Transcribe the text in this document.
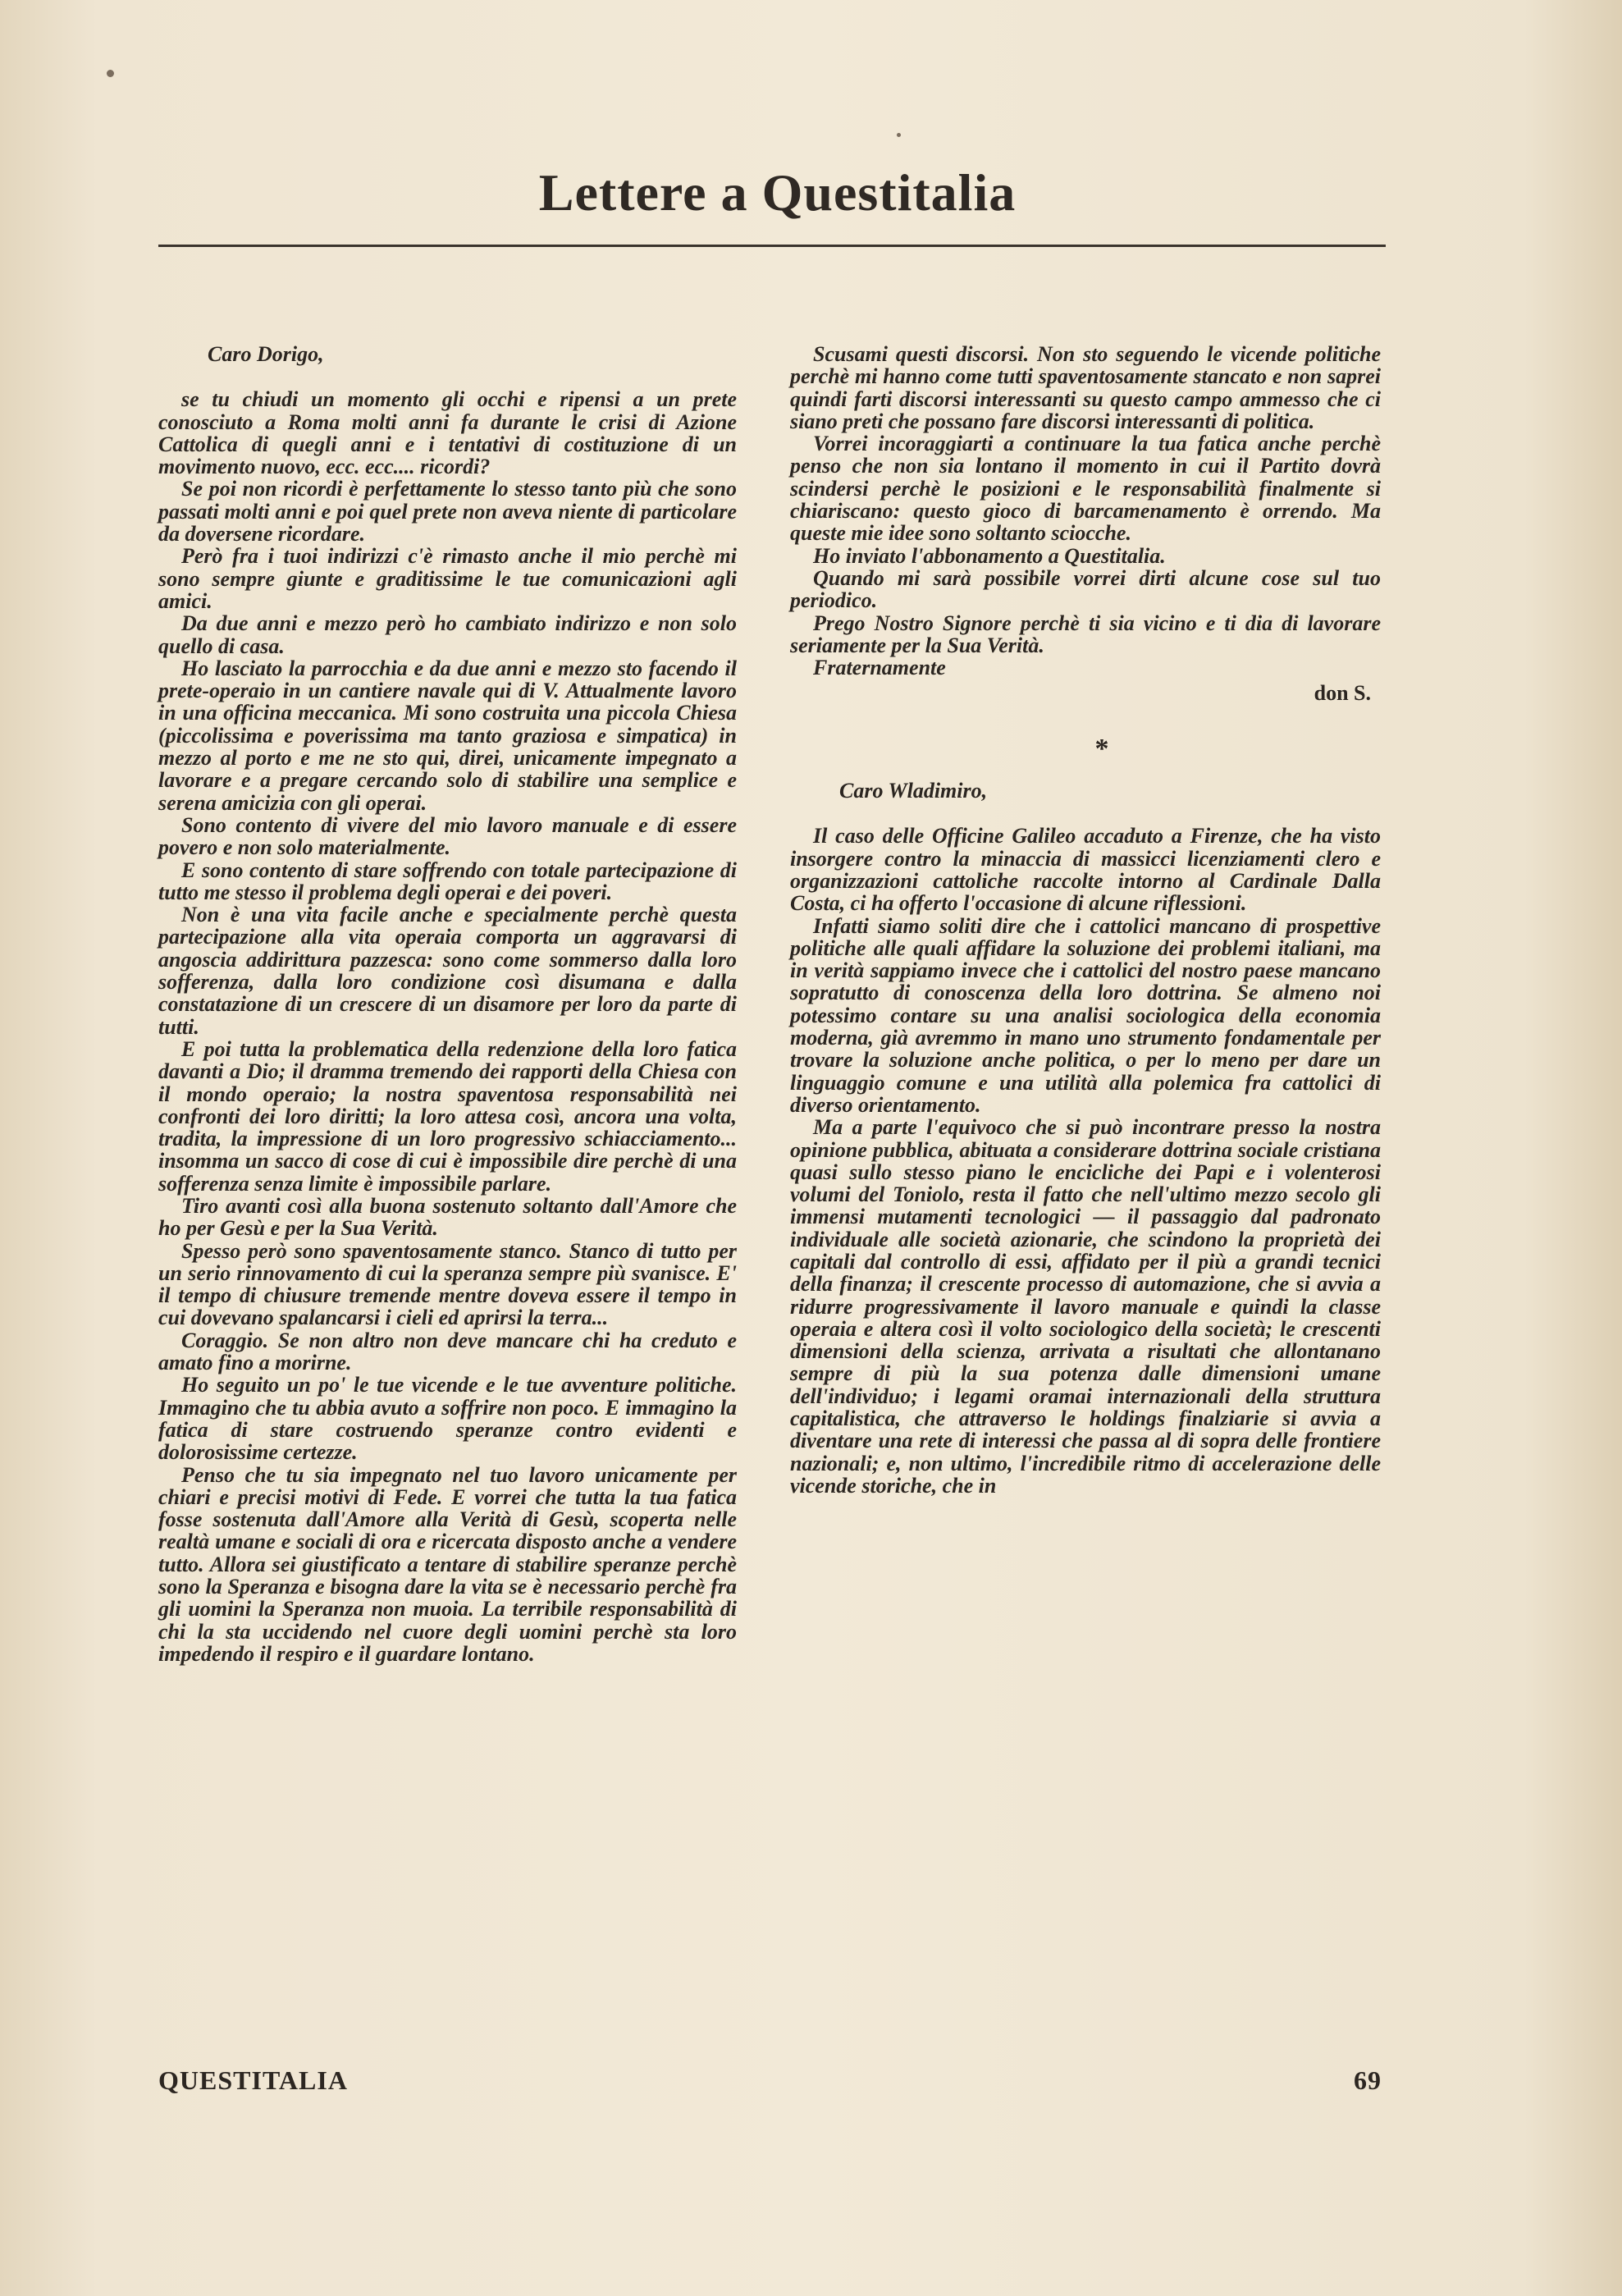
Lettere a Questitalia

Caro Dorigo,

se tu chiudi un momento gli occhi e ripensi a un prete conosciuto a Roma molti anni fa durante le crisi di Azione Cattolica di quegli anni e i tentativi di costituzione di un movimento nuovo, ecc. ecc.... ricordi?

Se poi non ricordi è perfettamente lo stesso tanto più che sono passati molti anni e poi quel prete non aveva niente di particolare da doversene ricordare.

Però fra i tuoi indirizzi c'è rimasto anche il mio perchè mi sono sempre giunte e graditissime le tue comunicazioni agli amici.

Da due anni e mezzo però ho cambiato indirizzo e non solo quello di casa.

Ho lasciato la parrocchia e da due anni e mezzo sto facendo il prete-operaio in un cantiere navale qui di V. Attualmente lavoro in una officina meccanica. Mi sono costruita una piccola Chiesa (piccolissima e poverissima ma tanto graziosa e simpatica) in mezzo al porto e me ne sto qui, direi, unicamente impegnato a lavorare e a pregare cercando solo di stabilire una semplice e serena amicizia con gli operai.

Sono contento di vivere del mio lavoro manuale e di essere povero e non solo materialmente.

E sono contento di stare soffrendo con totale partecipazione di tutto me stesso il problema degli operai e dei poveri.

Non è una vita facile anche e specialmente perchè questa partecipazione alla vita operaia comporta un aggravarsi di angoscia addirittura pazzesca: sono come sommerso dalla loro sofferenza, dalla loro condizione così disumana e dalla constatazione di un crescere di un disamore per loro da parte di tutti.

E poi tutta la problematica della redenzione della loro fatica davanti a Dio; il dramma tremendo dei rapporti della Chiesa con il mondo operaio; la nostra spaventosa responsabilità nei confronti dei loro diritti; la loro attesa così, ancora una volta, tradita, la impressione di un loro progressivo schiacciamento... insomma un sacco di cose di cui è impossibile dire perchè di una sofferenza senza limite è impossibile parlare.

Tiro avanti così alla buona sostenuto soltanto dall'Amore che ho per Gesù e per la Sua Verità.

Spesso però sono spaventosamente stanco. Stanco di tutto per un serio rinnovamento di cui la speranza sempre più svanisce. E' il tempo di chiusure tremende mentre doveva essere il tempo in cui dovevano spalancarsi i cieli ed aprirsi la terra...

Coraggio. Se non altro non deve mancare chi ha creduto e amato fino a morirne.

Ho seguito un po' le tue vicende e le tue avventure politiche. Immagino che tu abbia avuto a soffrire non poco. E immagino la fatica di stare costruendo speranze contro evidenti e dolorosissime certezze.

Penso che tu sia impegnato nel tuo lavoro unicamente per chiari e precisi motivi di Fede. E vorrei che tutta la tua fatica fosse sostenuta dall'Amore alla Verità di Gesù, scoperta nelle realtà umane e sociali di ora e ricercata disposto anche a vendere tutto. Allora sei giustificato a tentare di stabilire speranze perchè sono la Speranza e bisogna dare la vita se è necessario perchè fra gli uomini la Speranza non muoia. La terribile responsabilità di chi la sta uccidendo nel cuore degli uomini perchè sta loro impedendo il respiro e il guardare lontano.

Scusami questi discorsi. Non sto seguendo le vicende politiche perchè mi hanno come tutti spaventosamente stancato e non saprei quindi farti discorsi interessanti su questo campo ammesso che ci siano preti che possano fare discorsi interessanti di politica.

Vorrei incoraggiarti a continuare la tua fatica anche perchè penso che non sia lontano il momento in cui il Partito dovrà scindersi perchè le posizioni e le responsabilità finalmente si chiariscano: questo gioco di barcamenamento è orrendo. Ma queste mie idee sono soltanto sciocche.

Ho inviato l'abbonamento a Questitalia.

Quando mi sarà possibile vorrei dirti alcune cose sul tuo periodico.

Prego Nostro Signore perchè ti sia vicino e ti dia di lavorare seriamente per la Sua Verità.

Fraternamente

don S.

*

Caro Wladimiro,

Il caso delle Officine Galileo accaduto a Firenze, che ha visto insorgere contro la minaccia di massicci licenziamenti clero e organizzazioni cattoliche raccolte intorno al Cardinale Dalla Costa, ci ha offerto l'occasione di alcune riflessioni.

Infatti siamo soliti dire che i cattolici mancano di prospettive politiche alle quali affidare la soluzione dei problemi italiani, ma in verità sappiamo invece che i cattolici del nostro paese mancano sopratutto di conoscenza della loro dottrina. Se almeno noi potessimo contare su una analisi sociologica della economia moderna, già avremmo in mano uno strumento fondamentale per trovare la soluzione anche politica, o per lo meno per dare un linguaggio comune e una utilità alla polemica fra cattolici di diverso orientamento.

Ma a parte l'equivoco che si può incontrare presso la nostra opinione pubblica, abituata a considerare dottrina sociale cristiana quasi sullo stesso piano le encicliche dei Papi e i volenterosi volumi del Toniolo, resta il fatto che nell'ultimo mezzo secolo gli immensi mutamenti tecnologici — il passaggio dal padronato individuale alle società azionarie, che scindono la proprietà dei capitali dal controllo di essi, affidato per il più a grandi tecnici della finanza; il crescente processo di automazione, che si avvia a ridurre progressivamente il lavoro manuale e quindi la classe operaia e altera così il volto sociologico della società; le crescenti dimensioni della scienza, arrivata a risultati che allontanano sempre di più la sua potenza dalle dimensioni umane dell'individuo; i legami oramai internazionali della struttura capitalistica, che attraverso le holdings finalziarie si avvia a diventare una rete di interessi che passa al di sopra delle frontiere nazionali; e, non ultimo, l'incredibile ritmo di accelerazione delle vicende storiche, che in

QUESTITALIA	69
